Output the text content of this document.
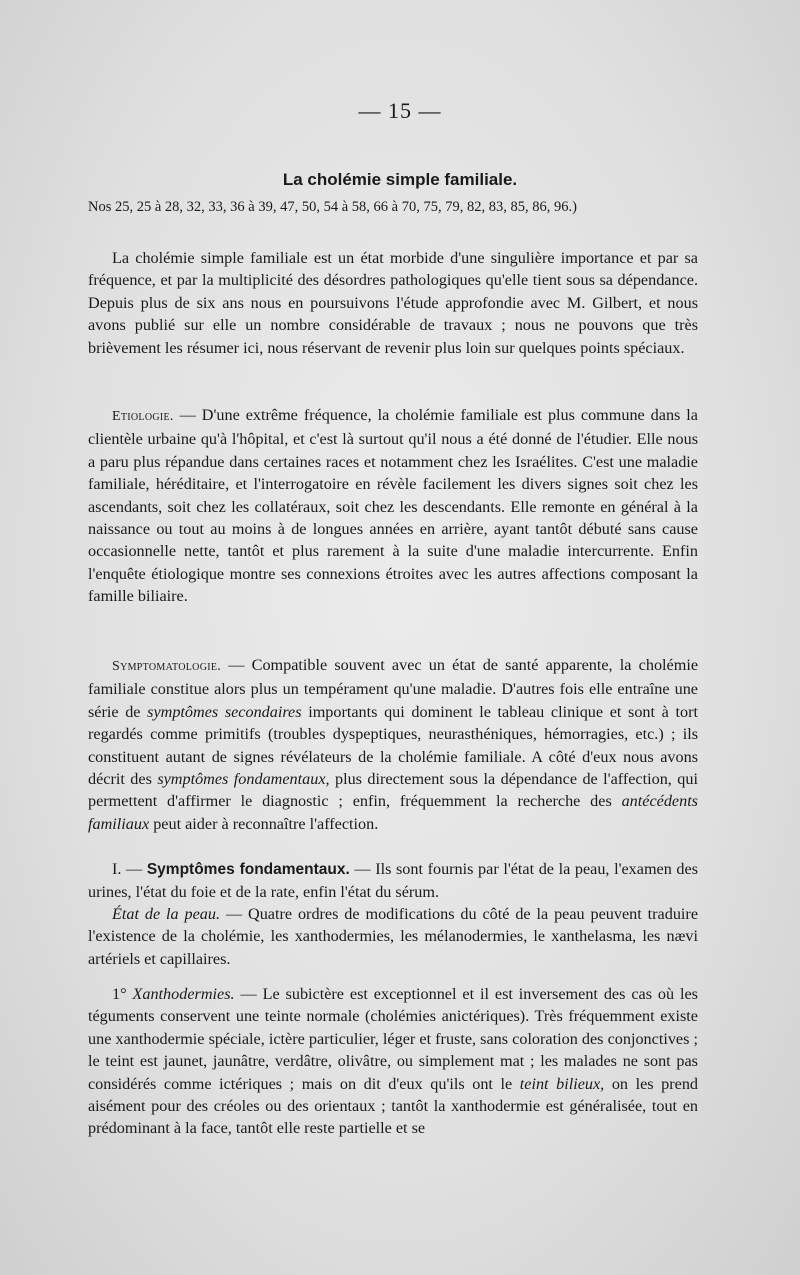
— 15 —
La cholémie simple familiale.
Nos 25, 25 à 28, 32, 33, 36 à 39, 47, 50, 54 à 58, 66 à 70, 75, 79, 82, 83, 85, 86, 96.)
La cholémie simple familiale est un état morbide d'une singulière importance et par sa fréquence, et par la multiplicité des désordres pathologiques qu'elle tient sous sa dépendance. Depuis plus de six ans nous en poursuivons l'étude approfondie avec M. Gilbert, et nous avons publié sur elle un nombre considérable de travaux ; nous ne pouvons que très brièvement les résumer ici, nous réservant de revenir plus loin sur quelques points spéciaux.
Etiologie. — D'une extrême fréquence, la cholémie familiale est plus commune dans la clientèle urbaine qu'à l'hôpital, et c'est là surtout qu'il nous a été donné de l'étudier. Elle nous a paru plus répandue dans certaines races et notamment chez les Israélites. C'est une maladie familiale, héréditaire, et l'interrogatoire en révèle facilement les divers signes soit chez les ascendants, soit chez les collatéraux, soit chez les descendants. Elle remonte en général à la naissance ou tout au moins à de longues années en arrière, ayant tantôt débuté sans cause occasionnelle nette, tantôt et plus rarement à la suite d'une maladie intercurrente. Enfin l'enquête étiologique montre ses connexions étroites avec les autres affections composant la famille biliaire.
Symptomatologie. — Compatible souvent avec un état de santé apparente, la cholémie familiale constitue alors plus un tempérament qu'une maladie. D'autres fois elle entraîne une série de symptômes secondaires importants qui dominent le tableau clinique et sont à tort regardés comme primitifs (troubles dyspeptiques, neurasthéniques, hémorragies, etc.) ; ils constituent autant de signes révélateurs de la cholémie familiale. A côté d'eux nous avons décrit des symptômes fondamentaux, plus directement sous la dépendance de l'affection, qui permettent d'affirmer le diagnostic ; enfin, fréquemment la recherche des antécédents familiaux peut aider à reconnaître l'affection.
I. — Symptômes fondamentaux. — Ils sont fournis par l'état de la peau, l'examen des urines, l'état du foie et de la rate, enfin l'état du sérum.
État de la peau. — Quatre ordres de modifications du côté de la peau peuvent traduire l'existence de la cholémie, les xanthodermies, les mélanodermies, le xanthelasma, les nævi artériels et capillaires.
1° Xanthodermies. — Le subictère est exceptionnel et il est inversement des cas où les téguments conservent une teinte normale (cholémies anictériques). Très fréquemment existe une xanthodermie spéciale, ictère particulier, léger et fruste, sans coloration des conjonctives ; le teint est jaunet, jaunâtre, verdâtre, olivâtre, ou simplement mat ; les malades ne sont pas considérés comme ictériques ; mais on dit d'eux qu'ils ont le teint bilieux, on les prend aisément pour des créoles ou des orientaux ; tantôt la xanthodermie est généralisée, tout en prédominant à la face, tantôt elle reste partielle et se
